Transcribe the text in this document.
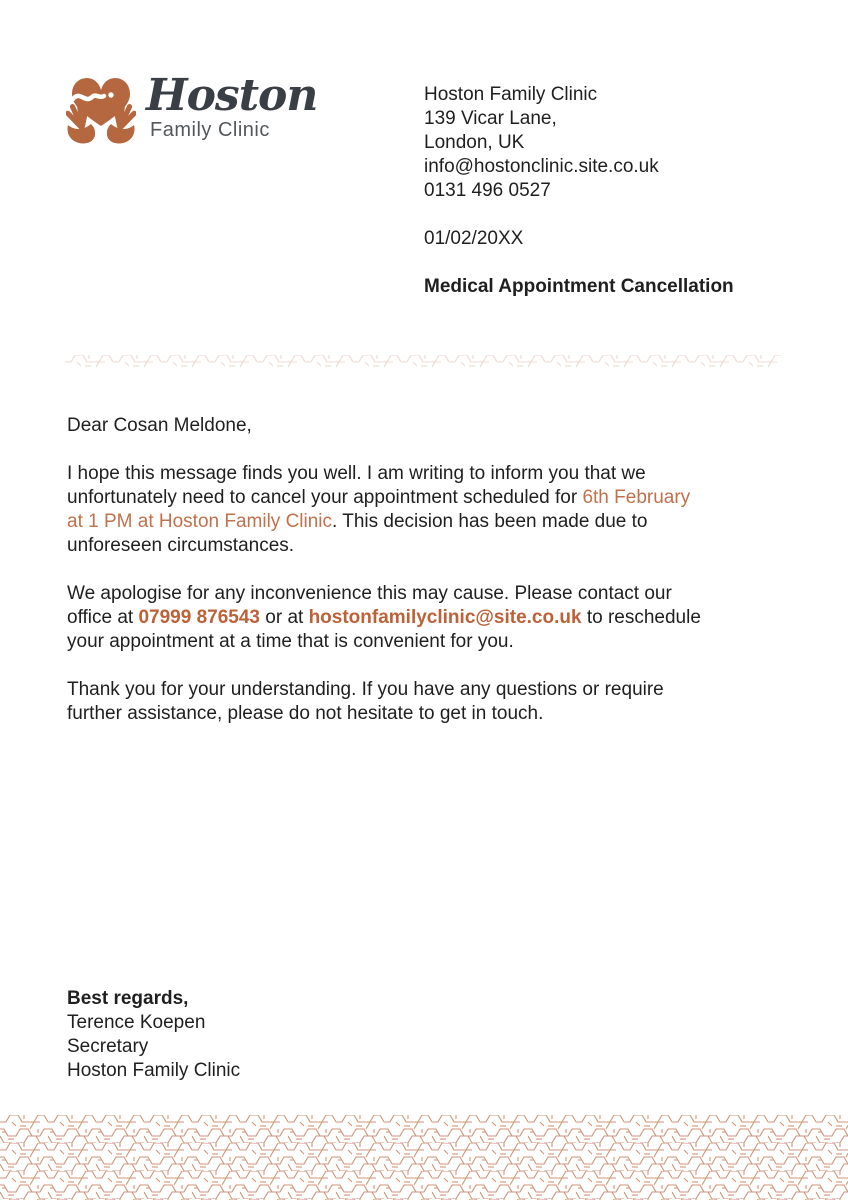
Hoston
Family Clinic
Hoston Family Clinic
139 Vicar Lane,
London, UK
info@hostonclinic.site.co.uk
0131 496 0527
01/02/20XX
Medical Appointment Cancellation

Dear Cosan Meldone,

I hope this message finds you well. I am writing to inform you that we
unfortunately need to cancel your appointment scheduled for 6th February
at 1 PM at Hoston Family Clinic. This decision has been made due to
unforeseen circumstances.

We apologise for any inconvenience this may cause. Please contact our
office at 07999 876543 or at hostonfamilyclinic@site.co.uk to reschedule
your appointment at a time that is convenient for you.

Thank you for your understanding. If you have any questions or require
further assistance, please do not hesitate to get in touch.

Best regards,
Terence Koepen
Secretary
Hoston Family Clinic
